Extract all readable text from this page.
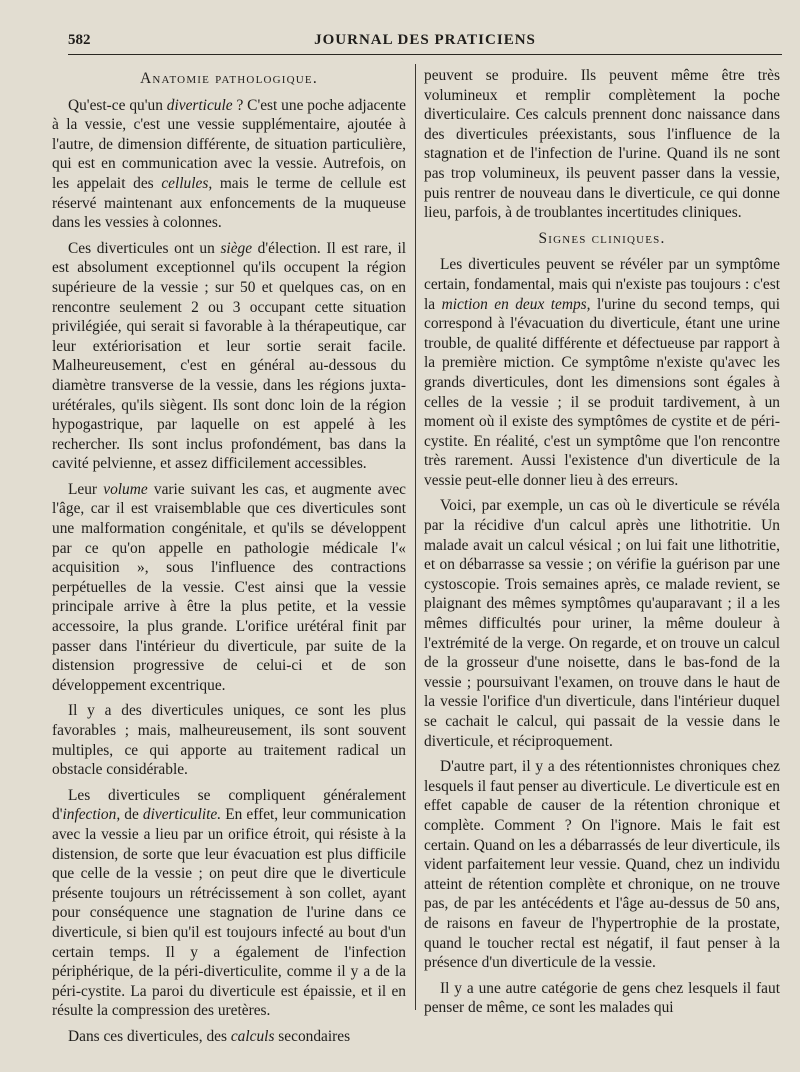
582	JOURNAL DES PRATICIENS
Anatomie pathologique.

Qu'est-ce qu'un diverticule ? C'est une poche adjacente à la vessie, c'est une vessie supplémentaire, ajoutée à l'autre, de dimension différente, de situation particulière, qui est en communication avec la vessie. Autrefois, on les appelait des cellules, mais le terme de cellule est réservé maintenant aux enfoncements de la muqueuse dans les vessies à colonnes.

Ces diverticules ont un siège d'élection. Il est rare, il est absolument exceptionnel qu'ils occupent la région supérieure de la vessie ; sur 50 et quelques cas, on en rencontre seulement 2 ou 3 occupant cette situation privilégiée, qui serait si favorable à la thérapeutique, car leur extériorisation et leur sortie serait facile. Malheureusement, c'est en général au-dessous du diamètre transverse de la vessie, dans les régions juxta-urétérales, qu'ils siègent. Ils sont donc loin de la région hypogastrique, par laquelle on est appelé à les rechercher. Ils sont inclus profondément, bas dans la cavité pelvienne, et assez difficilement accessibles.

Leur volume varie suivant les cas, et augmente avec l'âge, car il est vraisemblable que ces diverticules sont une malformation congénitale, et qu'ils se développent par ce qu'on appelle en pathologie médicale l'« acquisition », sous l'influence des contractions perpétuelles de la vessie. C'est ainsi que la vessie principale arrive à être la plus petite, et la vessie accessoire, la plus grande. L'orifice urétéral finit par passer dans l'intérieur du diverticule, par suite de la distension progressive de celui-ci et de son développement excentrique.

Il y a des diverticules uniques, ce sont les plus favorables ; mais, malheureusement, ils sont souvent multiples, ce qui apporte au traitement radical un obstacle considérable.

Les diverticules se compliquent généralement d'infection, de diverticulite. En effet, leur communication avec la vessie a lieu par un orifice étroit, qui résiste à la distension, de sorte que leur évacuation est plus difficile que celle de la vessie ; on peut dire que le diverticule présente toujours un rétrécissement à son collet, ayant pour conséquence une stagnation de l'urine dans ce diverticule, si bien qu'il est toujours infecté au bout d'un certain temps. Il y a également de l'infection périphérique, de la péri-diverticulite, comme il y a de la péri-cystite. La paroi du diverticule est épaissie, et il en résulte la compression des uretères.

Dans ces diverticules, des calculs secondaires

peuvent se produire. Ils peuvent même être très volumineux et remplir complètement la poche diverticulaire. Ces calculs prennent donc naissance dans des diverticules préexistants, sous l'influence de la stagnation et de l'infection de l'urine. Quand ils ne sont pas trop volumineux, ils peuvent passer dans la vessie, puis rentrer de nouveau dans le diverticule, ce qui donne lieu, parfois, à de troublantes incertitudes cliniques.

Signes cliniques.

Les diverticules peuvent se révéler par un symptôme certain, fondamental, mais qui n'existe pas toujours : c'est la miction en deux temps, l'urine du second temps, qui correspond à l'évacuation du diverticule, étant une urine trouble, de qualité différente et défectueuse par rapport à la première miction. Ce symptôme n'existe qu'avec les grands diverticules, dont les dimensions sont égales à celles de la vessie ; il se produit tardivement, à un moment où il existe des symptômes de cystite et de péri-cystite. En réalité, c'est un symptôme que l'on rencontre très rarement. Aussi l'existence d'un diverticule de la vessie peut-elle donner lieu à des erreurs.

Voici, par exemple, un cas où le diverticule se révéla par la récidive d'un calcul après une lithotritie. Un malade avait un calcul vésical ; on lui fait une lithotritie, et on débarrasse sa vessie ; on vérifie la guérison par une cystoscopie. Trois semaines après, ce malade revient, se plaignant des mêmes symptômes qu'auparavant ; il a les mêmes difficultés pour uriner, la même douleur à l'extrémité de la verge. On regarde, et on trouve un calcul de la grosseur d'une noisette, dans le bas-fond de la vessie ; poursuivant l'examen, on trouve dans le haut de la vessie l'orifice d'un diverticule, dans l'intérieur duquel se cachait le calcul, qui passait de la vessie dans le diverticule, et réciproquement.

D'autre part, il y a des rétentionnistes chroniques chez lesquels il faut penser au diverticule. Le diverticule est en effet capable de causer de la rétention chronique et complète. Comment ? On l'ignore. Mais le fait est certain. Quand on les a débarrassés de leur diverticule, ils vident parfaitement leur vessie. Quand, chez un individu atteint de rétention complète et chronique, on ne trouve pas, de par les antécédents et l'âge au-dessus de 50 ans, de raisons en faveur de l'hypertrophie de la prostate, quand le toucher rectal est négatif, il faut penser à la présence d'un diverticule de la vessie.

Il y a une autre catégorie de gens chez lesquels il faut penser de même, ce sont les malades qui
